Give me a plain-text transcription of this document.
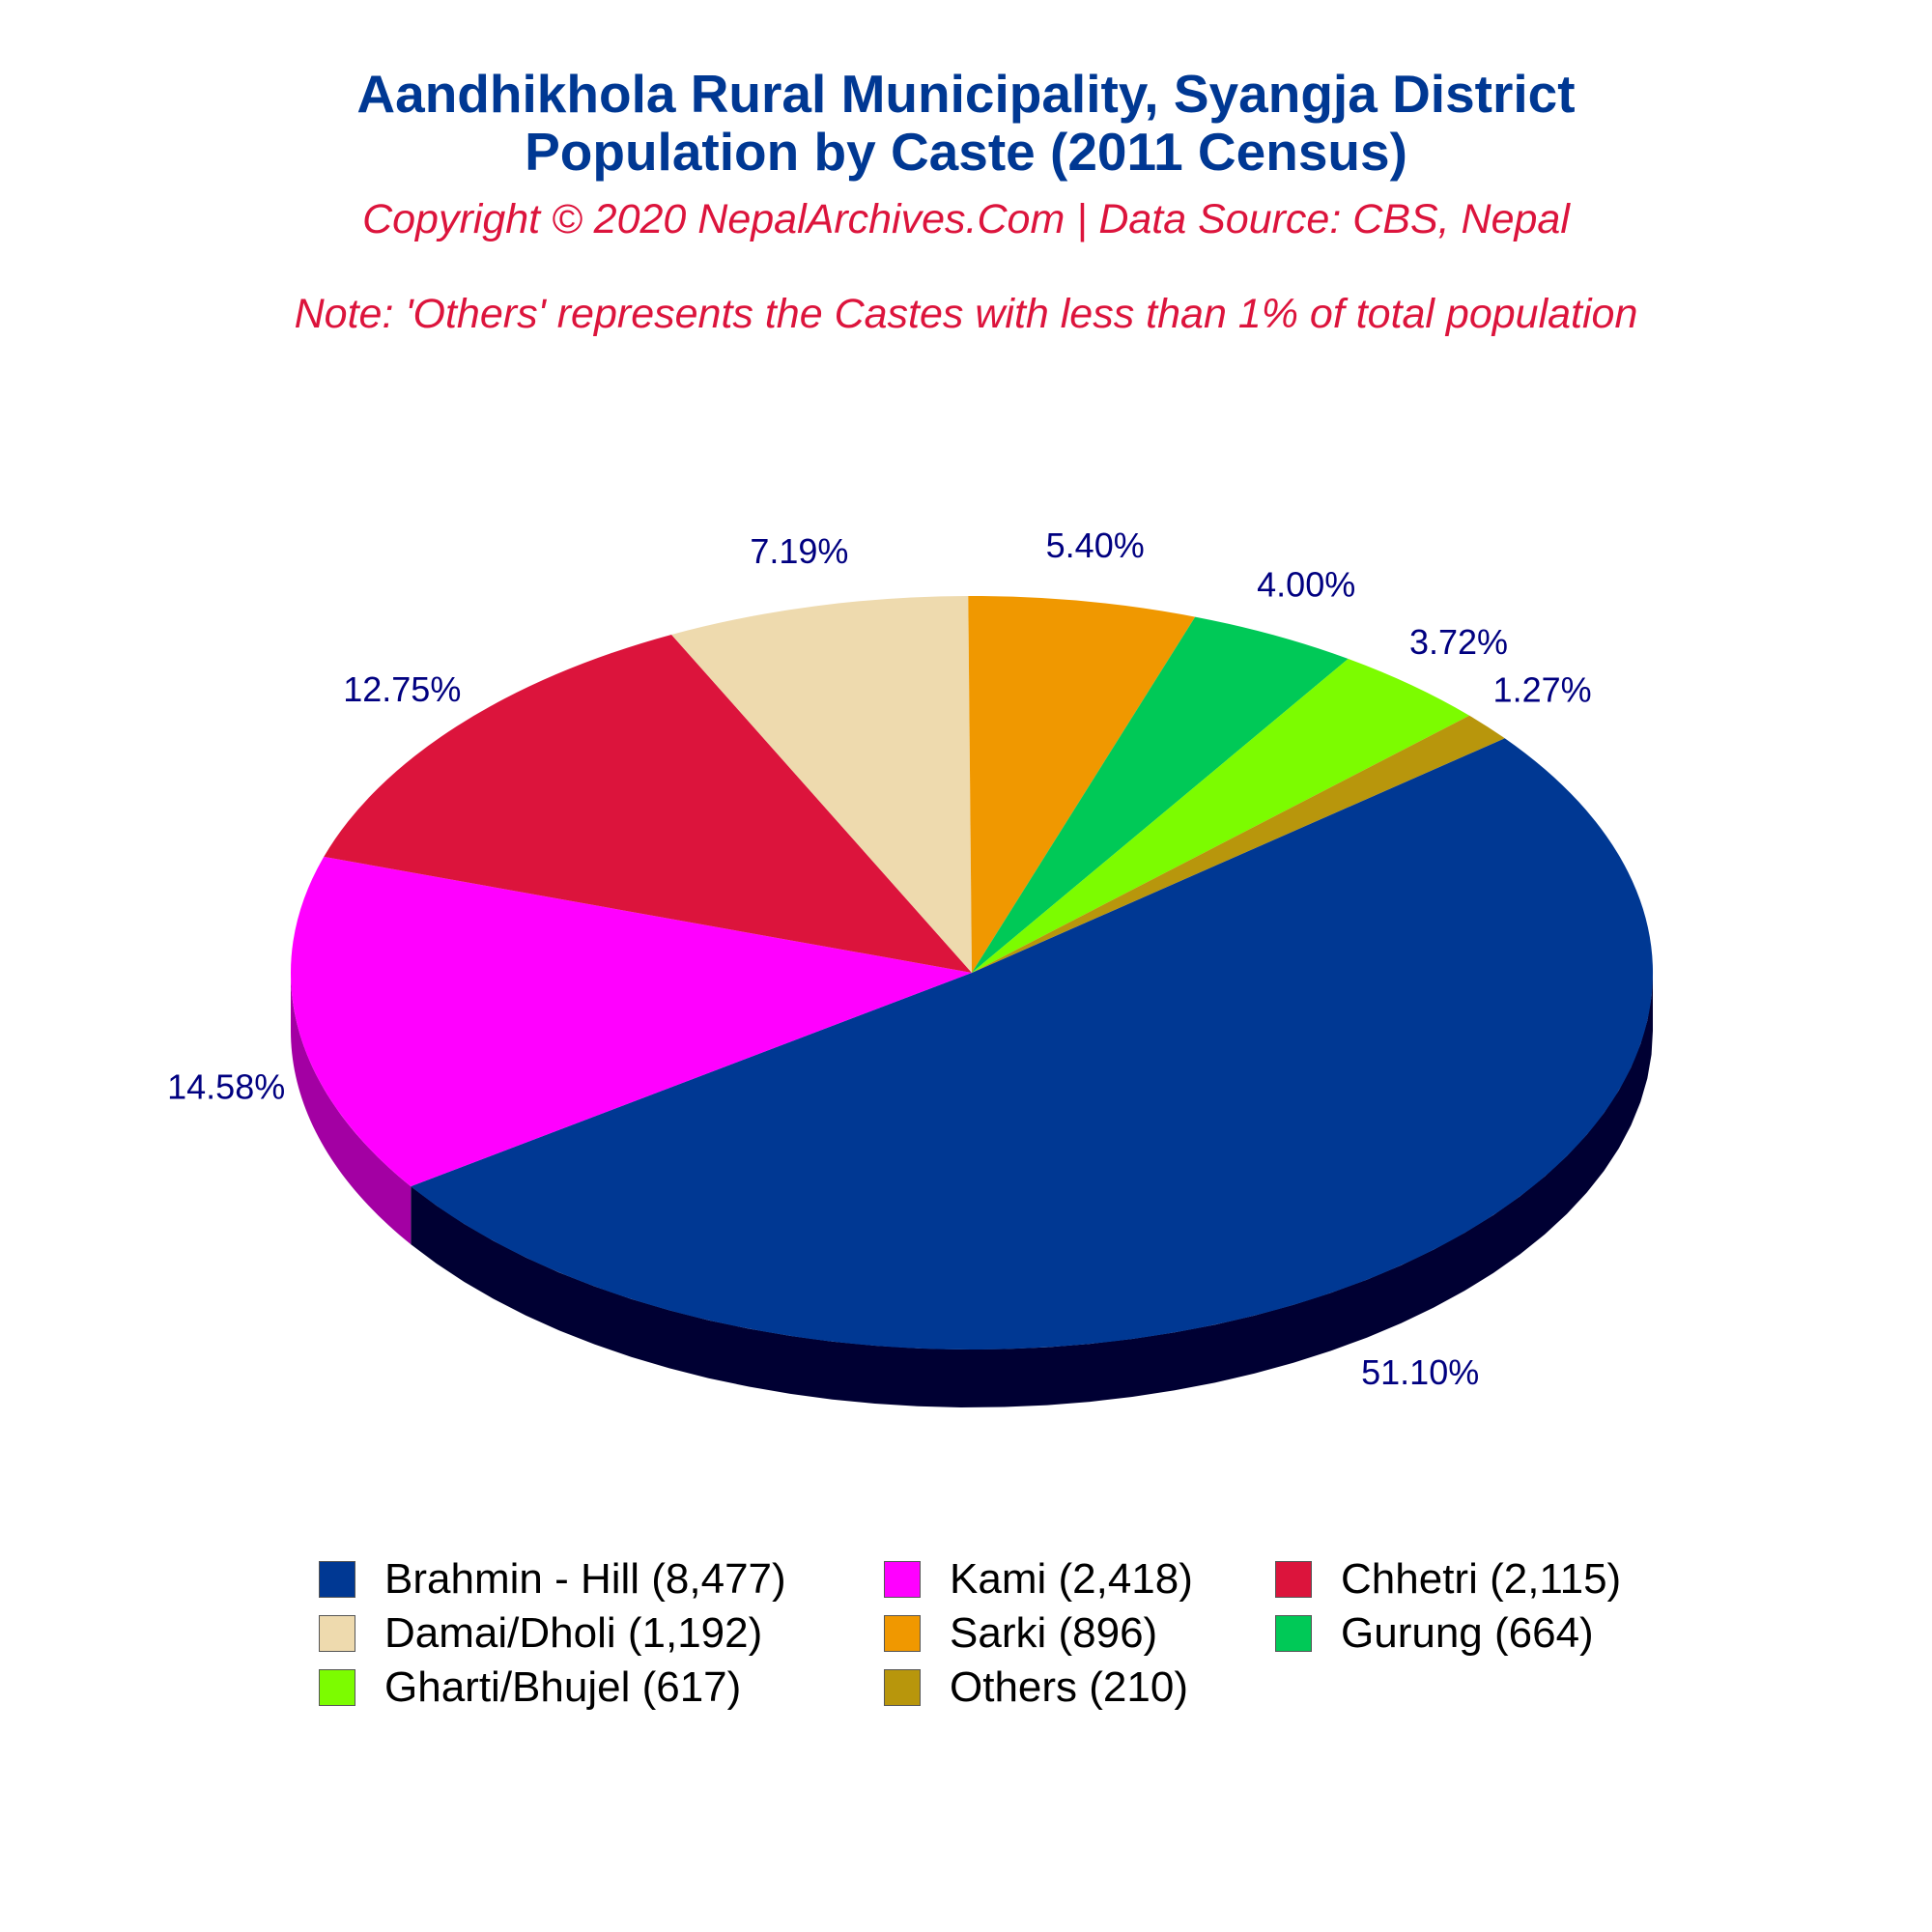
Aandhikhola Rural Municipality, Syangja District
Population by Caste (2011 Census)
Copyright © 2020 NepalArchives.Com | Data Source: CBS, Nepal
Note: 'Others' represents the Castes with less than 1% of total population
51.10%
14.58%
12.75%
7.19%	5.40%
4.00%
3.72%
1.27%
Brahmin - Hill (8,477)	Kami (2,418)	Chhetri (2,115)
Damai/Dholi (1,192)	Sarki (896)	Gurung (664)
Gharti/Bhujel (617)	Others (210)
